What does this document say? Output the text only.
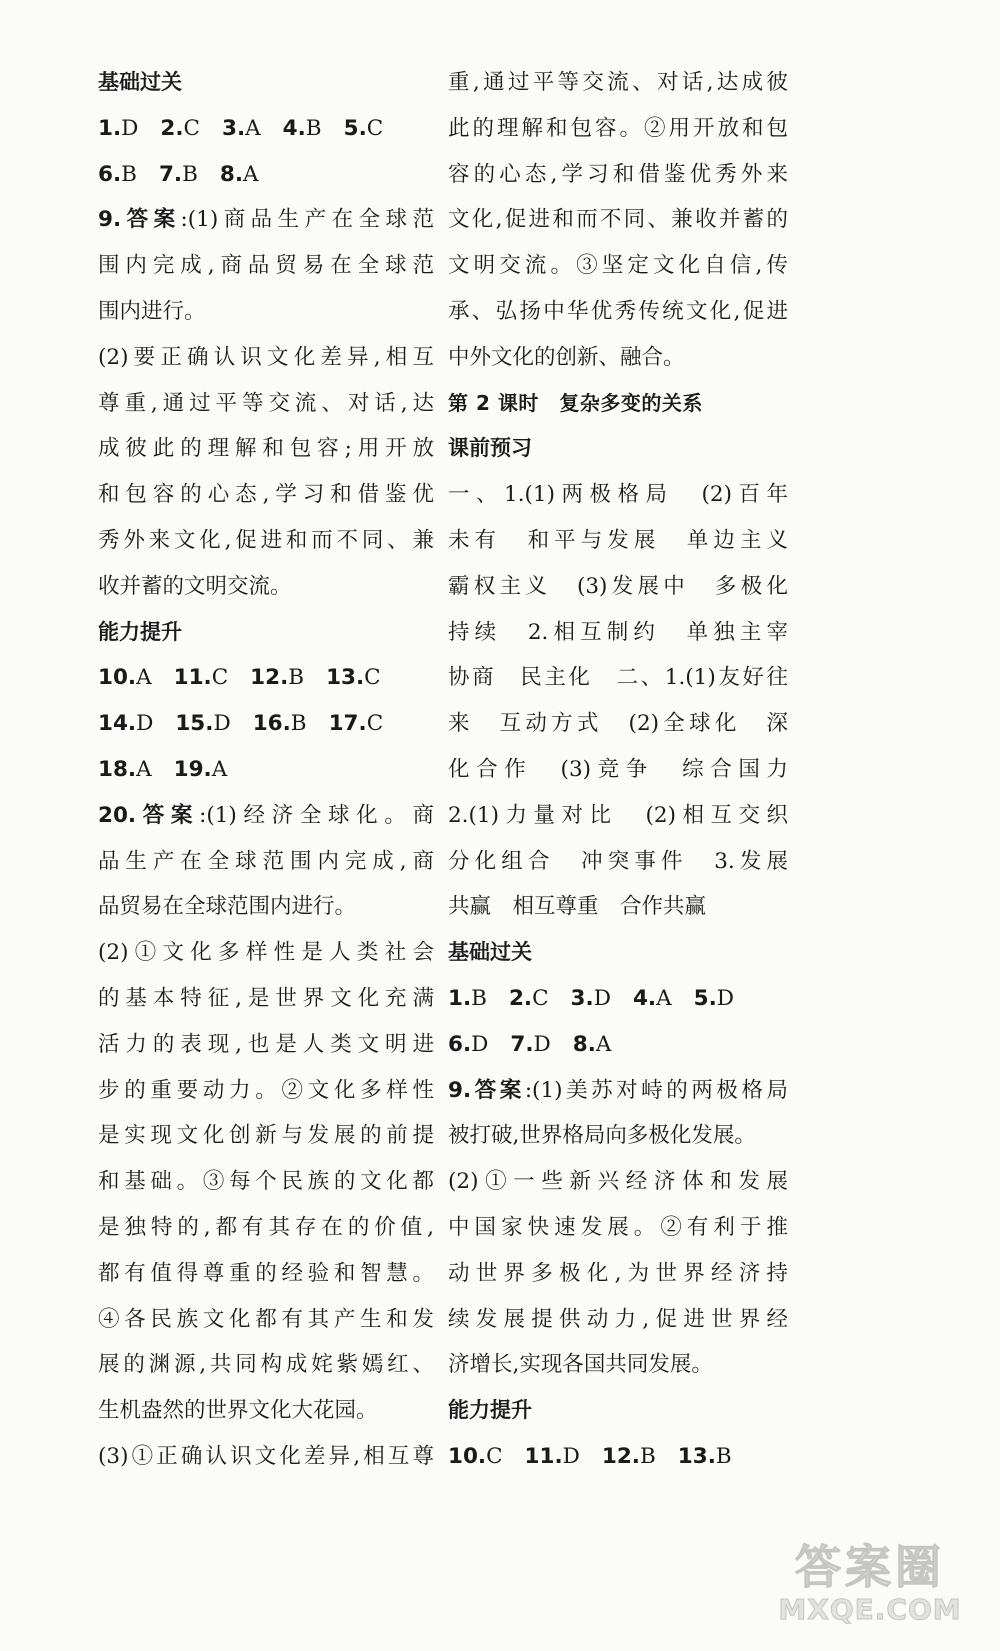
基础过关
1.D 2.C 3.A 4.B 5.C
6.B 7.B 8.A
9.答案:(1)商品生产在全球范
围内完成,商品贸易在全球范
围内进行。
(2)要正确认识文化差异,相互
尊重,通过平等交流、对话,达
成彼此的理解和包容;用开放
和包容的心态,学习和借鉴优
秀外来文化,促进和而不同、兼
收并蓄的文明交流。
能力提升
10.A 11.C 12.B 13.C
14.D 15.D 16.B 17.C
18.A 19.A
20.答案:(1)经济全球化。商
品生产在全球范围内完成,商
品贸易在全球范围内进行。
(2)①文化多样性是人类社会
的基本特征,是世界文化充满
活力的表现,也是人类文明进
步的重要动力。②文化多样性
是实现文化创新与发展的前提
和基础。③每个民族的文化都
是独特的,都有其存在的价值,
都有值得尊重的经验和智慧。
④各民族文化都有其产生和发
展的渊源,共同构成姹紫嫣红、
生机盎然的世界文化大花园。
(3)①正确认识文化差异,相互尊
重,通过平等交流、对话,达成彼
此的理解和包容。②用开放和包
容的心态,学习和借鉴优秀外来
文化,促进和而不同、兼收并蓄的
文明交流。③坚定文化自信,传
承、弘扬中华优秀传统文化,促进
中外文化的创新、融合。
第 2 课时　复杂多变的关系
课前预习
一、1.(1)两极格局　(2)百年
未有　和平与发展　单边主义
霸权主义　(3)发展中　多极化
持续　2.相互制约　单独主宰
协商　民主化　二、1.(1)友好往
来　互动方式　(2)全球化　深
化合作　(3)竞争　综合国力
2.(1)力量对比　(2)相互交织
分化组合　冲突事件　3.发展
共赢　相互尊重　合作共赢
基础过关
1.B 2.C 3.D 4.A 5.D
6.D 7.D 8.A
9.答案:(1)美苏对峙的两极格局
被打破,世界格局向多极化发展。
(2)①一些新兴经济体和发展
中国家快速发展。②有利于推
动世界多极化,为世界经济持
续发展提供动力,促进世界经
济增长,实现各国共同发展。
能力提升
10.C 11.D 12.B 13.B
答案圈
MXQE.COM
